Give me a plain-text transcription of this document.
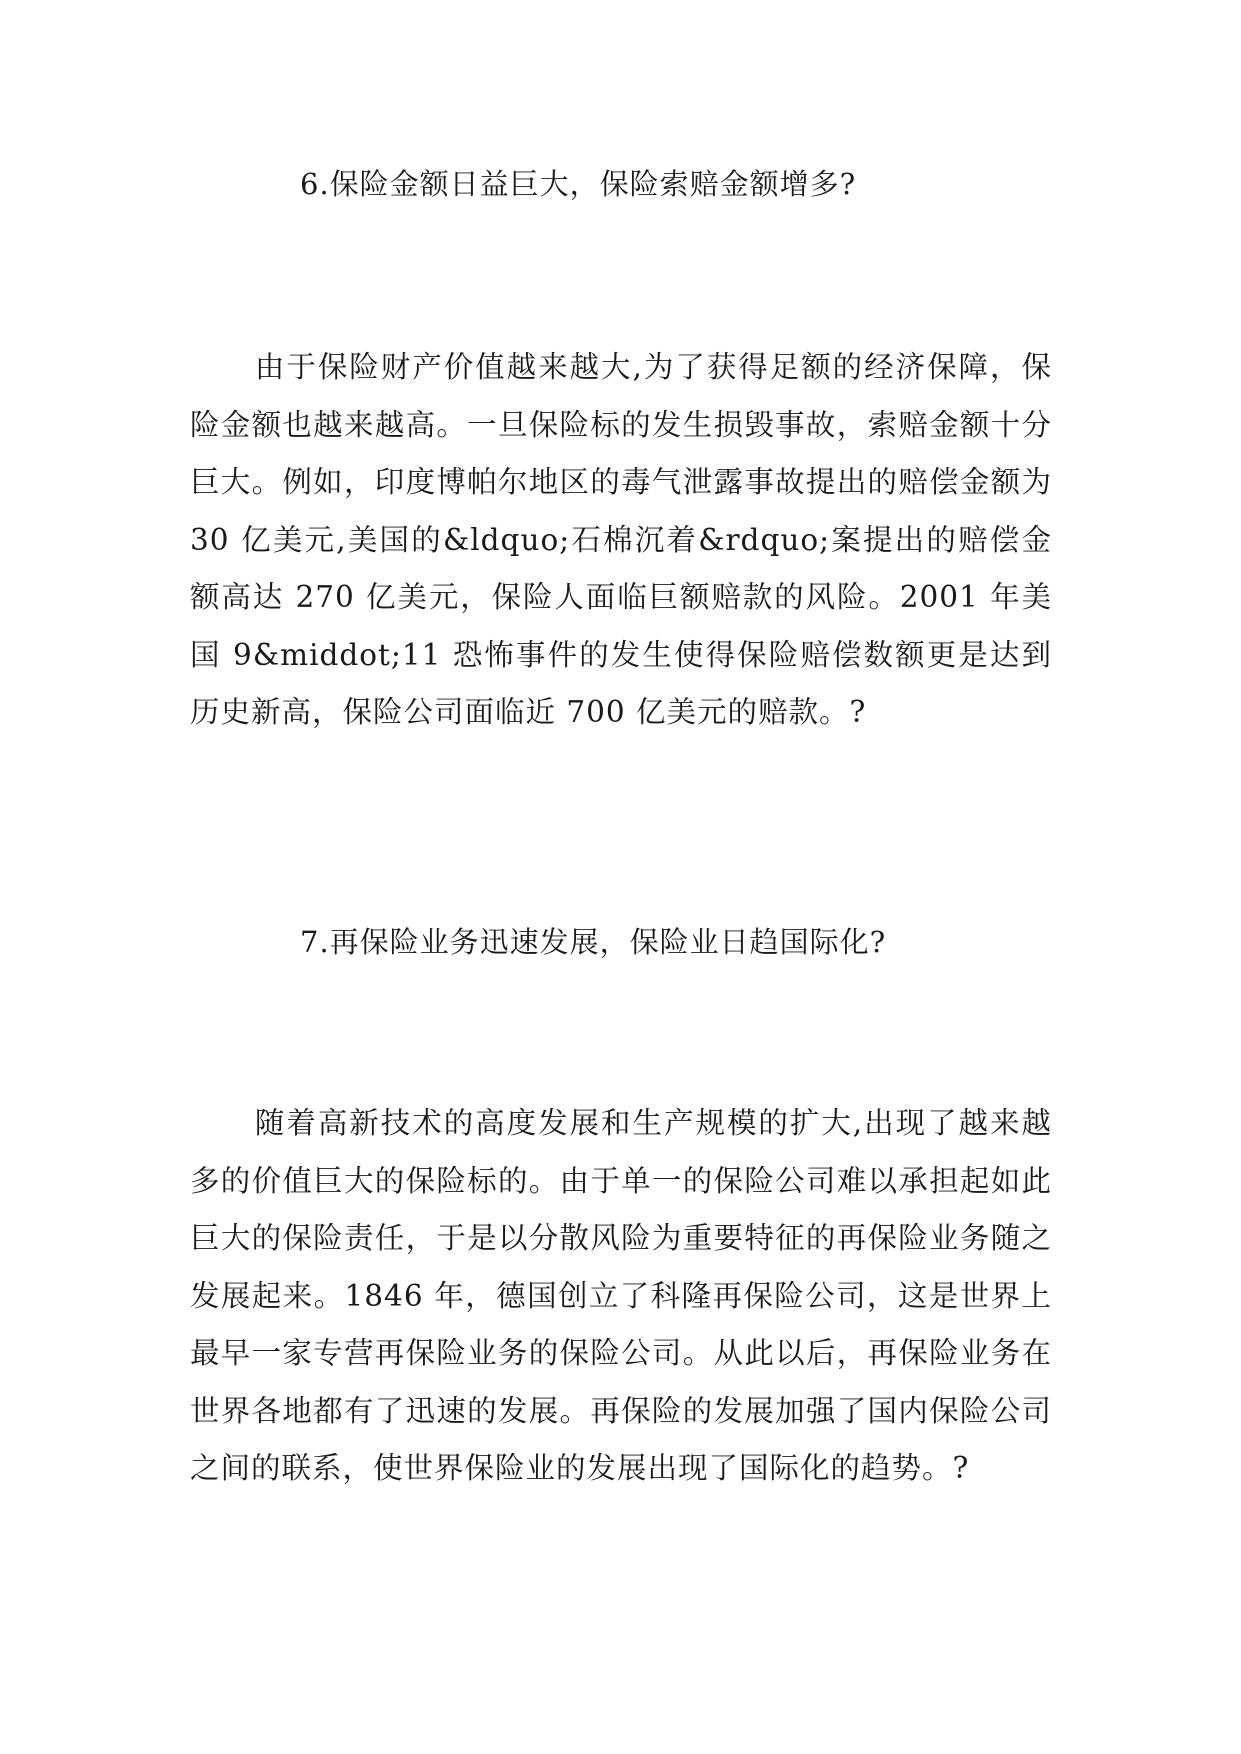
6.保险金额日益巨大，保险索赔金额增多?
由于保险财产价值越来越大,为了获得足额的经济保障，保险金额也越来越高。一旦保险标的发生损毁事故，索赔金额十分巨大。例如，印度博帕尔地区的毒气泄露事故提出的赔偿金额为 30 亿美元,美国的&ldquo;石棉沉着&rdquo;案提出的赔偿金额高达 270 亿美元，保险人面临巨额赔款的风险。2001 年美国 9&middot;11 恐怖事件的发生使得保险赔偿数额更是达到历史新高，保险公司面临近 700 亿美元的赔款。?
7.再保险业务迅速发展，保险业日趋国际化?
随着高新技术的高度发展和生产规模的扩大,出现了越来越多的价值巨大的保险标的。由于单一的保险公司难以承担起如此巨大的保险责任，于是以分散风险为重要特征的再保险业务随之发展起来。1846 年，德国创立了科隆再保险公司，这是世界上最早一家专营再保险业务的保险公司。从此以后，再保险业务在世界各地都有了迅速的发展。再保险的发展加强了国内保险公司之间的联系，使世界保险业的发展出现了国际化的趋势。?
